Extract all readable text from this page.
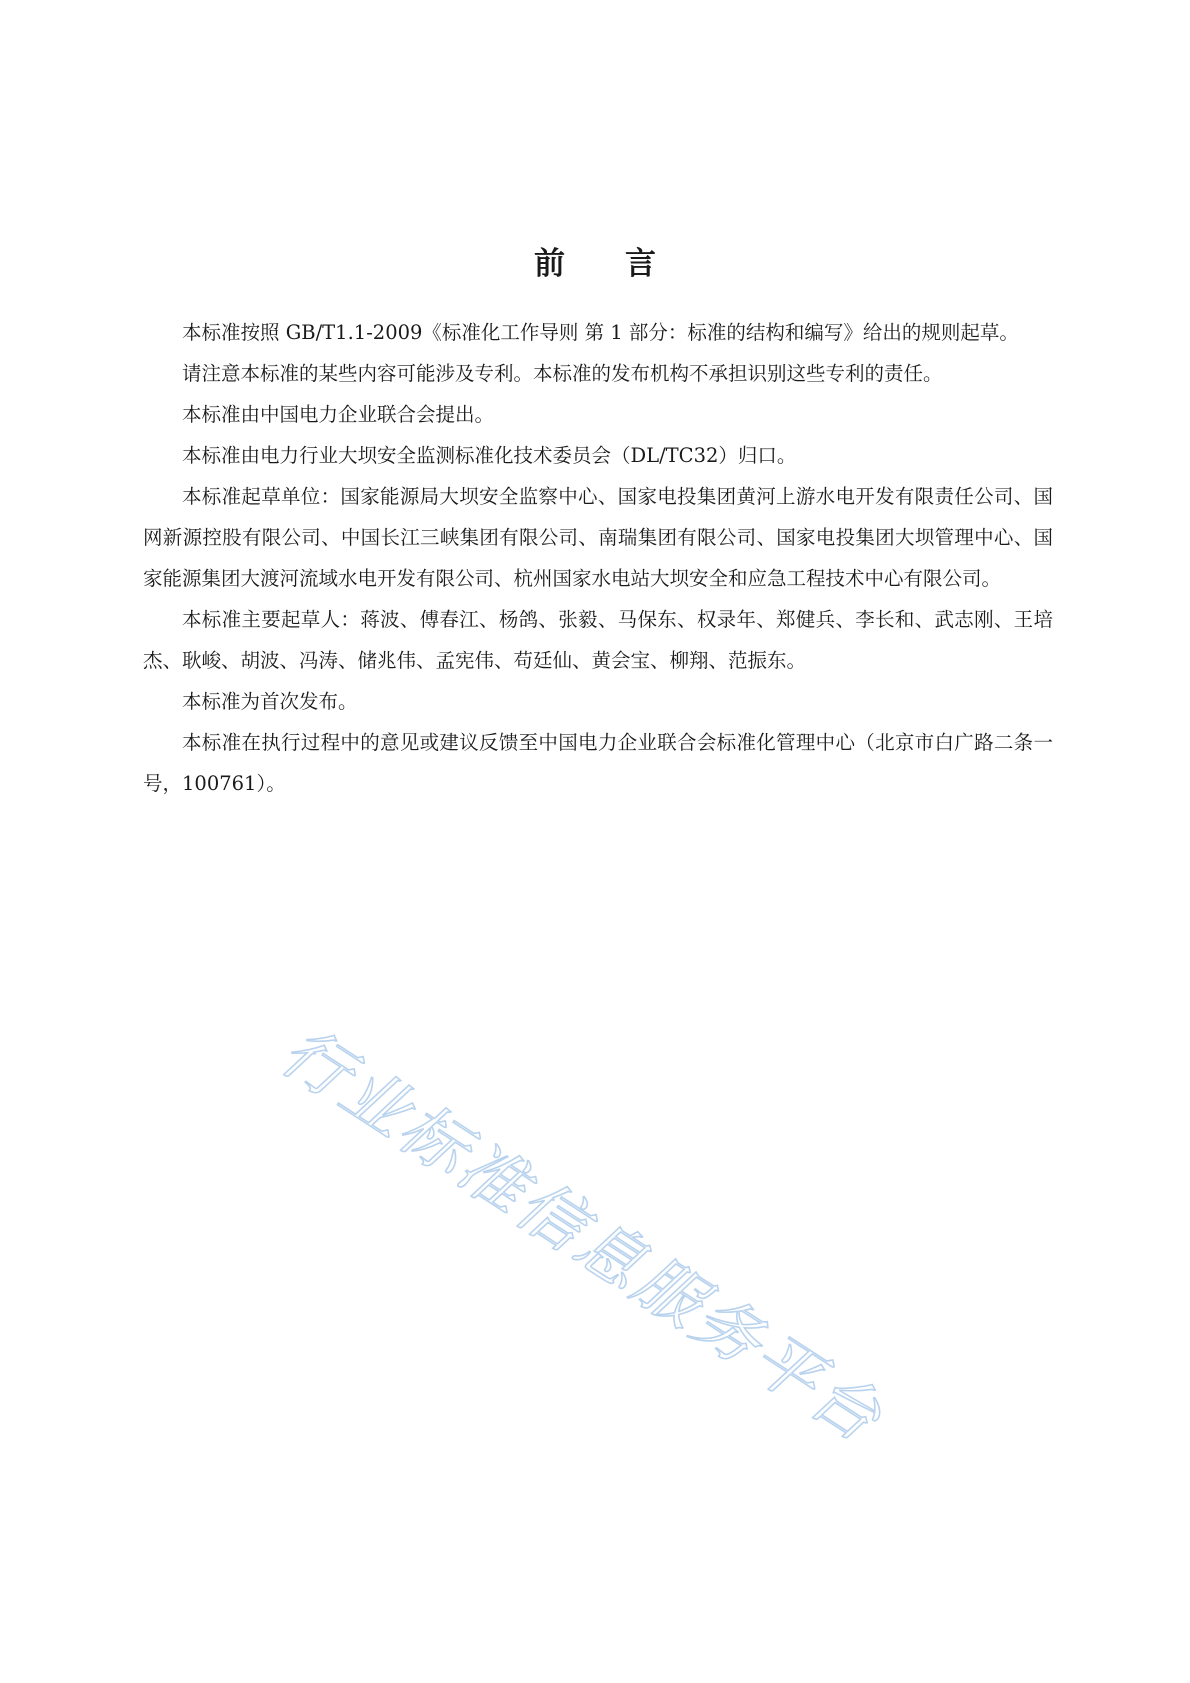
前 言

本标准按照 GB/T1.1-2009《标准化工作导则 第 1 部分：标准的结构和编写》给出的规则起草。

请注意本标准的某些内容可能涉及专利。本标准的发布机构不承担识别这些专利的责任。

本标准由中国电力企业联合会提出。

本标准由电力行业大坝安全监测标准化技术委员会（DL/TC32）归口。

本标准起草单位：国家能源局大坝安全监察中心、国家电投集团黄河上游水电开发有限责任公司、国网新源控股有限公司、中国长江三峡集团有限公司、南瑞集团有限公司、国家电投集团大坝管理中心、国家能源集团大渡河流域水电开发有限公司、杭州国家水电站大坝安全和应急工程技术中心有限公司。

本标准主要起草人：蒋波、傅春江、杨鸽、张毅、马保东、权录年、郑健兵、李长和、武志刚、王培杰、耿峻、胡波、冯涛、储兆伟、孟宪伟、苟廷仙、黄会宝、柳翔、范振东。

本标准为首次发布。

本标准在执行过程中的意见或建议反馈至中国电力企业联合会标准化管理中心（北京市白广路二条一号，100761）。

行业标准信息服务平台
